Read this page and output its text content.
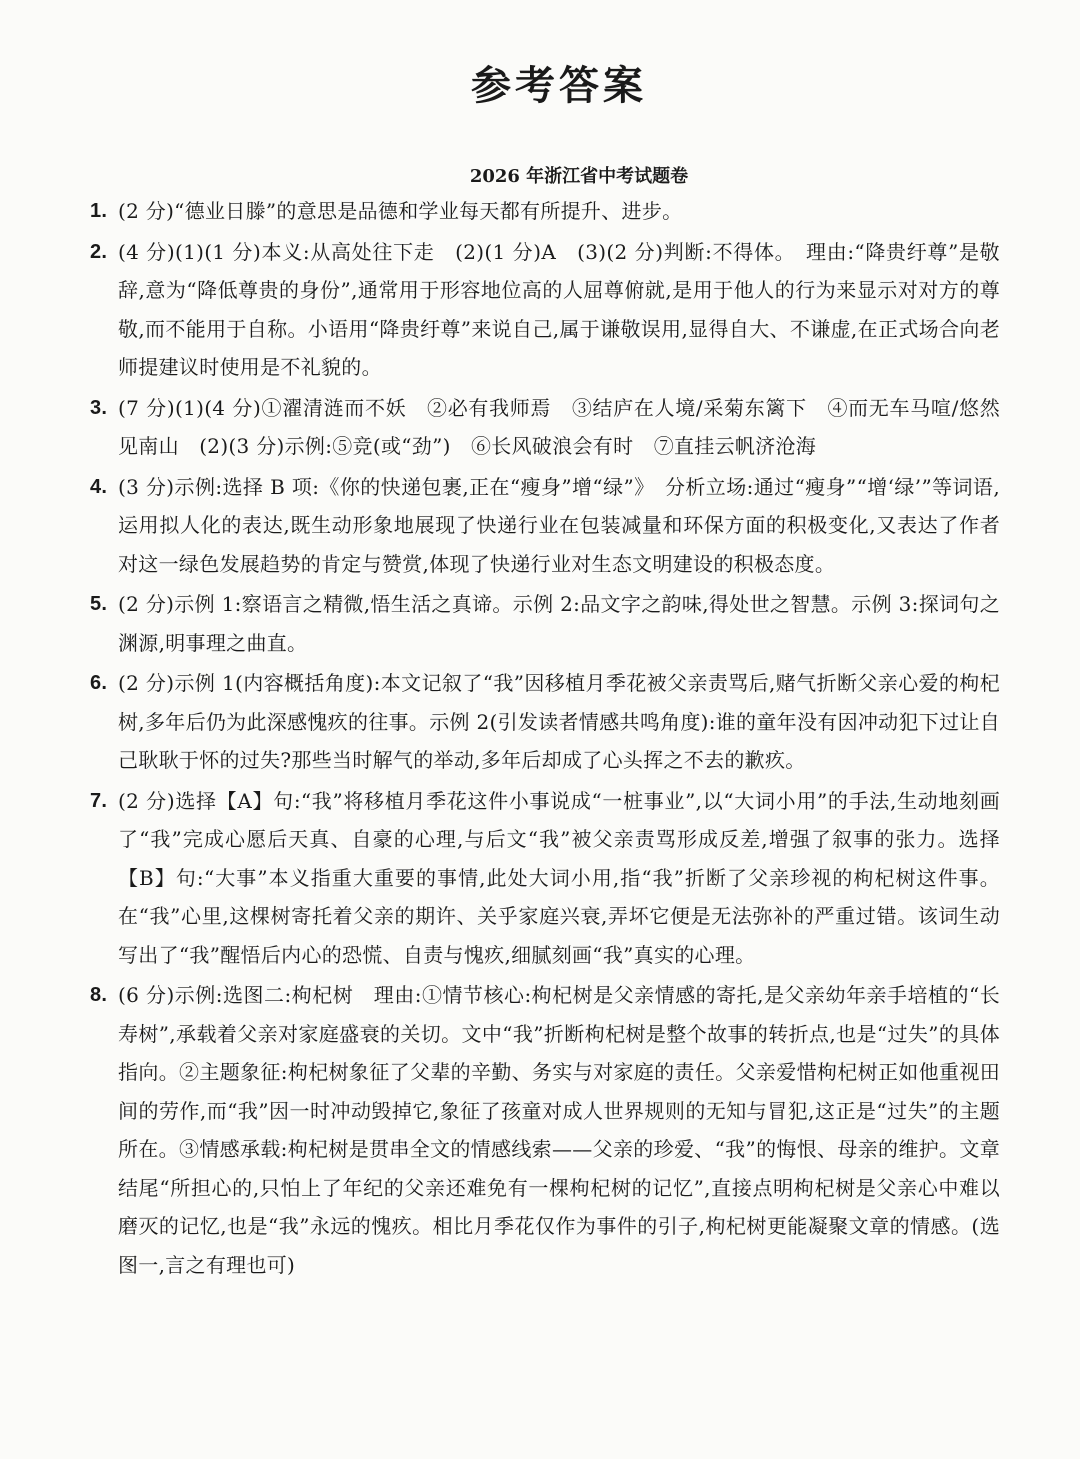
参考答案
2026 年浙江省中考试题卷
1. (2 分)“德业日滕”的意思是品德和学业每天都有所提升、进步。
2. (4 分)(1)(1 分)本义:从高处往下走　(2)(1 分)A　(3)(2 分)判断:不得体。　理由:“降贵纡尊”是敬辞,意为“降低尊贵的身份”,通常用于形容地位高的人屈尊俯就,是用于他人的行为来显示对对方的尊敬,而不能用于自称。小语用“降贵纡尊”来说自己,属于谦敬误用,显得自大、不谦虚,在正式场合向老师提建议时使用是不礼貌的。
3. (7 分)(1)(4 分)①濯清涟而不妖　②必有我师焉　③结庐在人境/采菊东篱下　④而无车马喧/悠然见南山　(2)(3 分)示例:⑤竞(或“劲”)　⑥长风破浪会有时　⑦直挂云帆济沧海
4. (3 分)示例:选择 B 项:《你的快递包裹,正在“瘦身”增“绿”》　分析立场:通过“瘦身”“增‘绿’”等词语,运用拟人化的表达,既生动形象地展现了快递行业在包装减量和环保方面的积极变化,又表达了作者对这一绿色发展趋势的肯定与赞赏,体现了快递行业对生态文明建设的积极态度。
5. (2 分)示例 1:察语言之精微,悟生活之真谛。示例 2:品文字之韵味,得处世之智慧。示例 3:探词句之渊源,明事理之曲直。
6. (2 分)示例 1(内容概括角度):本文记叙了“我”因移植月季花被父亲责骂后,赌气折断父亲心爱的枸杞树,多年后仍为此深感愧疚的往事。示例 2(引发读者情感共鸣角度):谁的童年没有因冲动犯下过让自己耿耿于怀的过失?那些当时解气的举动,多年后却成了心头挥之不去的歉疚。
7. (2 分)选择【A】句:“我”将移植月季花这件小事说成“一桩事业”,以“大词小用”的手法,生动地刻画了“我”完成心愿后天真、自豪的心理,与后文“我”被父亲责骂形成反差,增强了叙事的张力。选择【B】句:“大事”本义指重大重要的事情,此处大词小用,指“我”折断了父亲珍视的枸杞树这件事。在“我”心里,这棵树寄托着父亲的期许、关乎家庭兴衰,弄坏它便是无法弥补的严重过错。该词生动写出了“我”醒悟后内心的恐慌、自责与愧疚,细腻刻画“我”真实的心理。
8. (6 分)示例:选图二:枸杞树　理由:①情节核心:枸杞树是父亲情感的寄托,是父亲幼年亲手培植的“长寿树”,承载着父亲对家庭盛衰的关切。文中“我”折断枸杞树是整个故事的转折点,也是“过失”的具体指向。②主题象征:枸杞树象征了父辈的辛勤、务实与对家庭的责任。父亲爱惜枸杞树正如他重视田间的劳作,而“我”因一时冲动毁掉它,象征了孩童对成人世界规则的无知与冒犯,这正是“过失”的主题所在。③情感承载:枸杞树是贯串全文的情感线索——父亲的珍爱、“我”的悔恨、母亲的维护。文章结尾“所担心的,只怕上了年纪的父亲还难免有一棵枸杞树的记忆”,直接点明枸杞树是父亲心中难以磨灭的记忆,也是“我”永远的愧疚。相比月季花仅作为事件的引子,枸杞树更能凝聚文章的情感。(选图一,言之有理也可)
